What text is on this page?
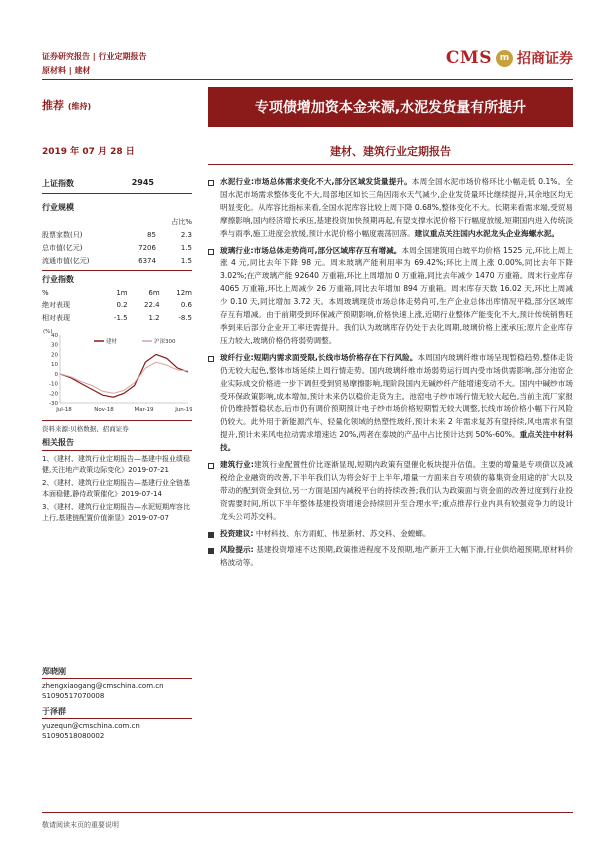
证券研究报告 | 行业定期报告
原材料 | 建材
CMS m 招商证券
推荐 (维持)	专项债增加资本金来源,水泥发货量有所提升
2019 年 07 月 28 日	建材、建筑行业定期报告
上证指数	2945
行业规模
		占比%
股票家数(只)	85	2.3
总市值(亿元)	7206	1.5
流通市值(亿元)	6374	1.5
行业指数
%	1m	6m	12m
绝对表现	0.2	22.4	0.6
相对表现	-1.5	1.2	-8.5
(%)
-30
-20
-10
0
10
20
30
40
Jul-18	Nov-18	Mar-19	Jun-19
建材	沪深300
资料来源:贝格数据、招商证券
相关报告
1、《建材、建筑行业定期报告—基建中报业绩稳健,关注地产政策边际变化》2019-07-21
2、《建材、建筑行业定期报告—基建行业全链基本面稳健,静待政策催化》2019-07-14
3、《建材、建筑行业定期报告—水泥短期库容比上行,基建链配置价值渐显》2019-07-07
郑晓刚
zhengxiaogang@cmschina.com.cn
S1090517070008
于泽群
yuzequn@cmschina.com.cn
S1090518080002
水泥行业:市场总体需求变化不大,部分区域发货量提升。本周全国水泥市场价格环比小幅走低 0.1%。全国水泥市场需求整体变化不大,局部地区如长三角因雨水天气减少,企业发货量环比继续提升,其余地区均无明显变化。从库容比指标来看,全国水泥库容比较上周下降 0.68%,整体变化不大。长期来看需求端,受贸易摩擦影响,国内经济增长承压,基建投资加快预期再起,有望支撑水泥价格下行幅度放缓,短期国内进入传统淡季与雨季,施工进度会放缓,预计水泥价格小幅度震荡回落。建议重点关注国内水泥龙头企业海螺水泥。
玻璃行业:市场总体走势尚可,部分区域库存互有增减。本周全国建筑用白玻平均价格 1525 元,环比上周上涨 4 元,同比去年下降 98 元。周末玻璃产能利用率为 69.42%;环比上周上涨 0.00%,同比去年下降 3.02%;在产玻璃产能 92640 万重箱,环比上周增加 0 万重箱,同比去年减少 1470 万重箱。周末行业库存 4065 万重箱,环比上周减少 26 万重箱,同比去年增加 894 万重箱。周末库存天数 16.02 天,环比上周减少 0.10 天,同比增加 3.72 天。本周玻璃现货市场总体走势尚可,生产企业总体出库情况平稳,部分区域库存互有增减。由于前期受到环保减产预期影响,价格快速上涨,近期行业整体产能变化不大,预计传统销售旺季到来后部分企业开工率还需提升。我们认为玻璃库存仍处于去化周期,玻璃价格上涨承压;原片企业库存压力较大,玻璃价格仍将弱势调整。
玻纤行业:短期内需求面受限,长线市场价格存在下行风险。本周国内玻璃纤维市场呈现暂稳趋势,整体走货仍无较大起色,整体市场延续上周行情走势。国内玻璃纤维市场弱势运行周内受市场供需影响,部分池窑企业实际成交价格进一步下调但受到贸易摩擦影响,现阶段国内无碱纱纤产能增速变动不大。国内中碱纱市场受环保政策影响,成本增加,预计未来仍以稳价走货为主。池窑电子纱市场行情无较大起色,当前主流厂家报价仍维持暂稳状态,后市仍有调价预期预计电子纱市场价格短期暂无较大调整,长线市场价格小幅下行风险仍较大。此外用于新能源汽车、轻量化领域的热塑性玻纤,预计未来 2 年需求复苏有望持续,风电需求有望提升,预计未来风电拉动需求增速达 20%,两者在泰坡的产品中占比预计达到 50%-60%。重点关注中材科技。
建筑行业:建筑行业配置性价比逐渐显现,短期内政策有望催化板块提升估值。主要的增量是专项债以及减税给企业融资的改善,下半年我们认为将会好于上半年,增量一方面来自专项债的募集资金用途的扩大以及带动的配到资金到位,另一方面是国内减税平台的持续改善;我们认为政策面与资金面的改善过度到行业投资需要时间,所以下半年整体基建投资增速会持续回升至合理水平;重点推荐行业内具有较强竞争力的设计龙头公司苏交科。
投资建议: 中材科技、东方雨虹、伟星新材、苏交科、金螳螂。
风险提示: 基建投资增速不达预期,政策推进程度不及预期,地产新开工大幅下滑,行业供给超预期,原材料价格波动等。
敬请阅读末页的重要说明
